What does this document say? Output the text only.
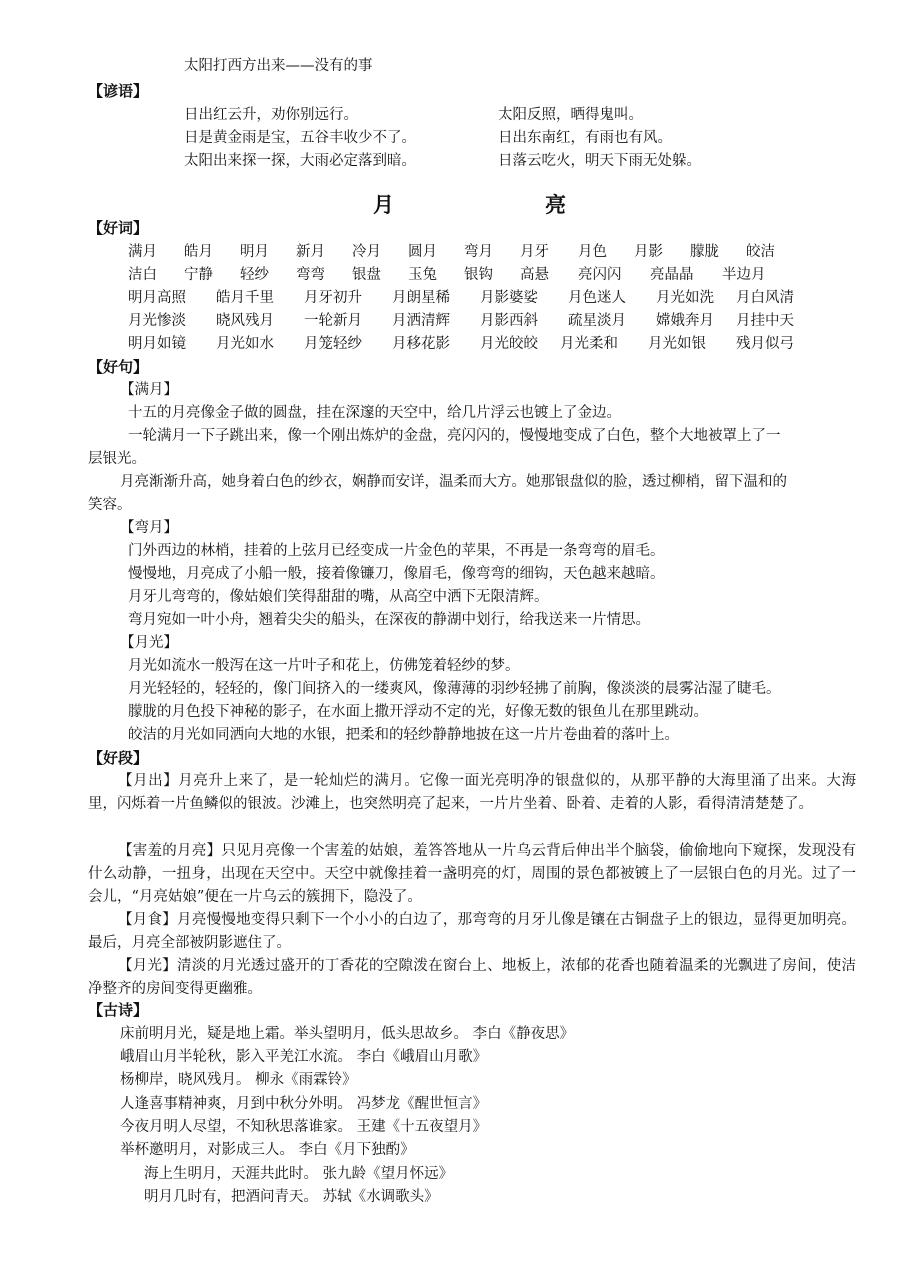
太阳打西方出来——没有的事
【谚语】
日出红云升，劝你别远行。
日是黄金雨是宝，五谷丰收少不了。
太阳出来探一探，大雨必定落到暗。
太阳反照，晒得鬼叫。
日出东南红，有雨也有风。
日落云吃火，明天下雨无处躲。
月	亮
【好词】
满月 皓月 明月 新月 冷月 圆月 弯月 月牙 月色 月影 朦胧 皎洁
洁白 宁静 轻纱 弯弯 银盘 玉兔 银钩 高悬 亮闪闪 亮晶晶 半边月
明月高照 皓月千里 月牙初升 月朗星稀 月影婆娑 月色迷人 月光如洗 月白风清
月光惨淡 晓风残月 一轮新月 月洒清辉 月影西斜 疏星淡月 嫦娥奔月 月挂中天
明月如镜 月光如水 月笼轻纱 月移花影 月光皎皎 月光柔和 月光如银 残月似弓
【好句】
【满月】
十五的月亮像金子做的圆盘，挂在深邃的天空中，给几片浮云也镀上了金边。
一轮满月一下子跳出来，像一个刚出炼炉的金盘，亮闪闪的，慢慢地变成了白色，整个大地被罩上了一
层银光。
月亮渐渐升高，她身着白色的纱衣，娴静而安详，温柔而大方。她那银盘似的脸，透过柳梢，留下温和的
笑容。
【弯月】
门外西边的林梢，挂着的上弦月已经变成一片金色的苹果，不再是一条弯弯的眉毛。
慢慢地，月亮成了小船一般，接着像镰刀，像眉毛，像弯弯的细钩，天色越来越暗。
月牙儿弯弯的，像姑娘们笑得甜甜的嘴，从高空中洒下无限清辉。
弯月宛如一叶小舟，翘着尖尖的船头，在深夜的静湖中划行，给我送来一片情思。
【月光】
月光如流水一般泻在这一片叶子和花上，仿佛笼着轻纱的梦。
月光轻轻的，轻轻的，像门间挤入的一缕爽风，像薄薄的羽纱轻拂了前胸，像淡淡的晨雾沾湿了睫毛。
朦胧的月色投下神秘的影子，在水面上撒开浮动不定的光，好像无数的银鱼儿在那里跳动。
皎洁的月光如同洒向大地的水银，把柔和的轻纱静静地披在这一片片卷曲着的落叶上。
【好段】
【月出】月亮升上来了，是一轮灿烂的满月。它像一面光亮明净的银盘似的，从那平静的大海里涌了出来。大海里，闪烁着一片鱼鳞似的银波。沙滩上，也突然明亮了起来，一片片坐着、卧着、走着的人影，看得清清楚楚了。
【害羞的月亮】只见月亮像一个害羞的姑娘，羞答答地从一片乌云背后伸出半个脑袋，偷偷地向下窥探，发现没有什么动静，一扭身，出现在天空中。天空中就像挂着一盏明亮的灯，周围的景色都被镀上了一层银白色的月光。过了一会儿，“月亮姑娘”便在一片乌云的簇拥下，隐没了。
【月食】月亮慢慢地变得只剩下一个小小的白边了，那弯弯的月牙儿像是镶在古铜盘子上的银边，显得更加明亮。最后，月亮全部被阴影遮住了。
【月光】清淡的月光透过盛开的丁香花的空隙泼在窗台上、地板上，浓郁的花香也随着温柔的光飘进了房间，使洁净整齐的房间变得更幽雅。
【古诗】
床前明月光，疑是地上霜。举头望明月，低头思故乡。 李白《静夜思》
峨眉山月半轮秋，影入平羌江水流。 李白《峨眉山月歌》
杨柳岸，晓风残月。 柳永《雨霖铃》
人逢喜事精神爽，月到中秋分外明。 冯梦龙《醒世恒言》
今夜月明人尽望，不知秋思落谁家。 王建《十五夜望月》
举杯邀明月，对影成三人。 李白《月下独酌》
海上生明月，天涯共此时。 张九龄《望月怀远》
明月几时有，把酒问青天。 苏轼《水调歌头》
